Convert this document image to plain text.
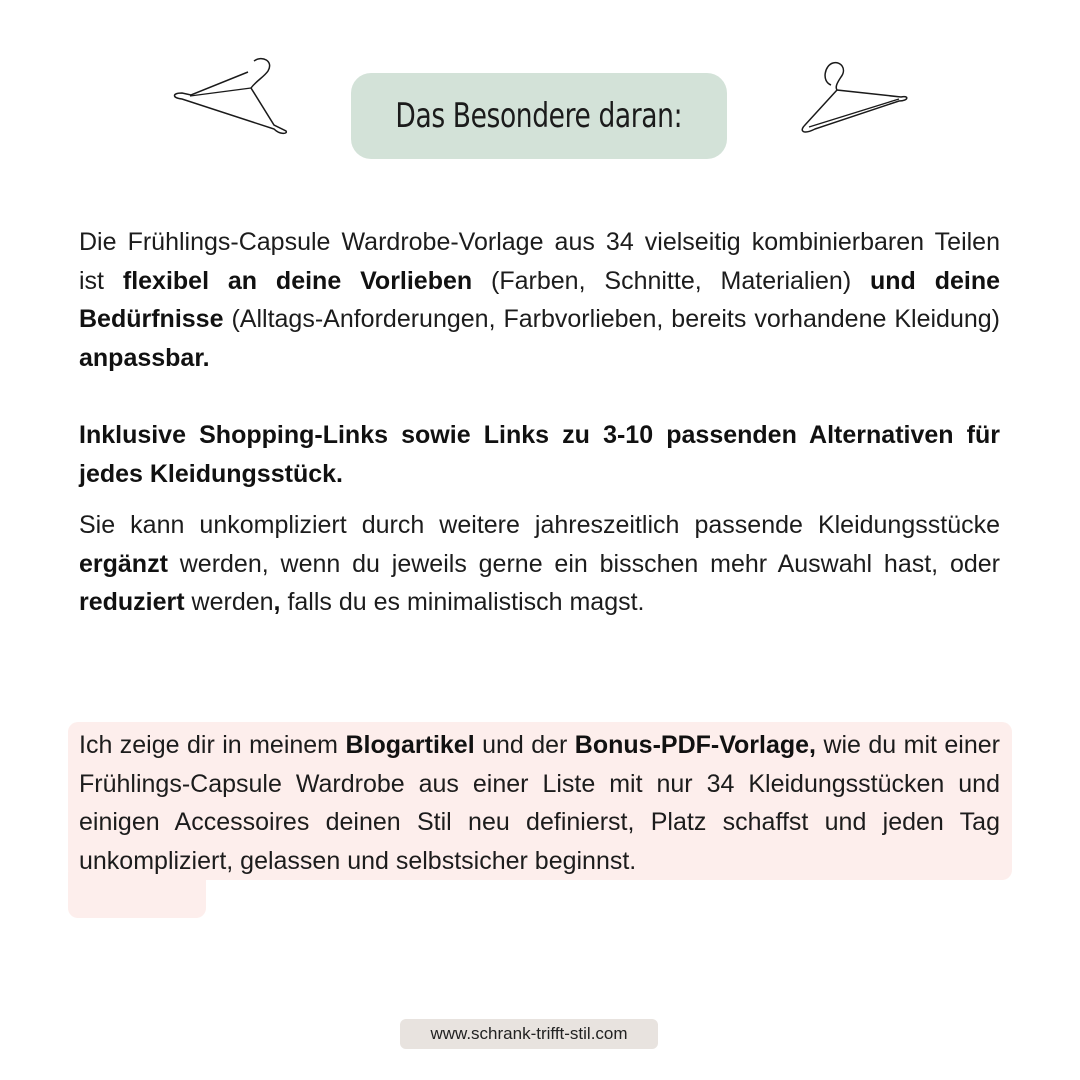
Das Besondere daran:
Die Frühlings-Capsule Wardrobe-Vorlage aus 34 vielseitig kombinierbaren Teilen ist flexibel an deine Vorlieben (Farben, Schnitte, Materialien) und deine Bedürfnisse (Alltags-Anforderungen, Farbvorlieben, bereits vorhandene Kleidung) anpassbar.
Inklusive Shopping-Links sowie Links zu 3-10 passenden Alternativen für jedes Kleidungsstück.
Sie kann unkompliziert durch weitere jahreszeitlich passende Kleidungsstücke ergänzt werden, wenn du jeweils gerne ein bisschen mehr Auswahl hast, oder reduziert werden, falls du es minimalistisch magst.
Ich zeige dir in meinem Blogartikel und der Bonus-PDF-Vorlage, wie du mit einer Frühlings-Capsule Wardrobe aus einer Liste mit nur 34 Kleidungsstücken und einigen Accessoires deinen Stil neu definierst, Platz schaffst und jeden Tag unkompliziert, gelassen und selbstsicher beginnst.
www.schrank-trifft-stil.com
